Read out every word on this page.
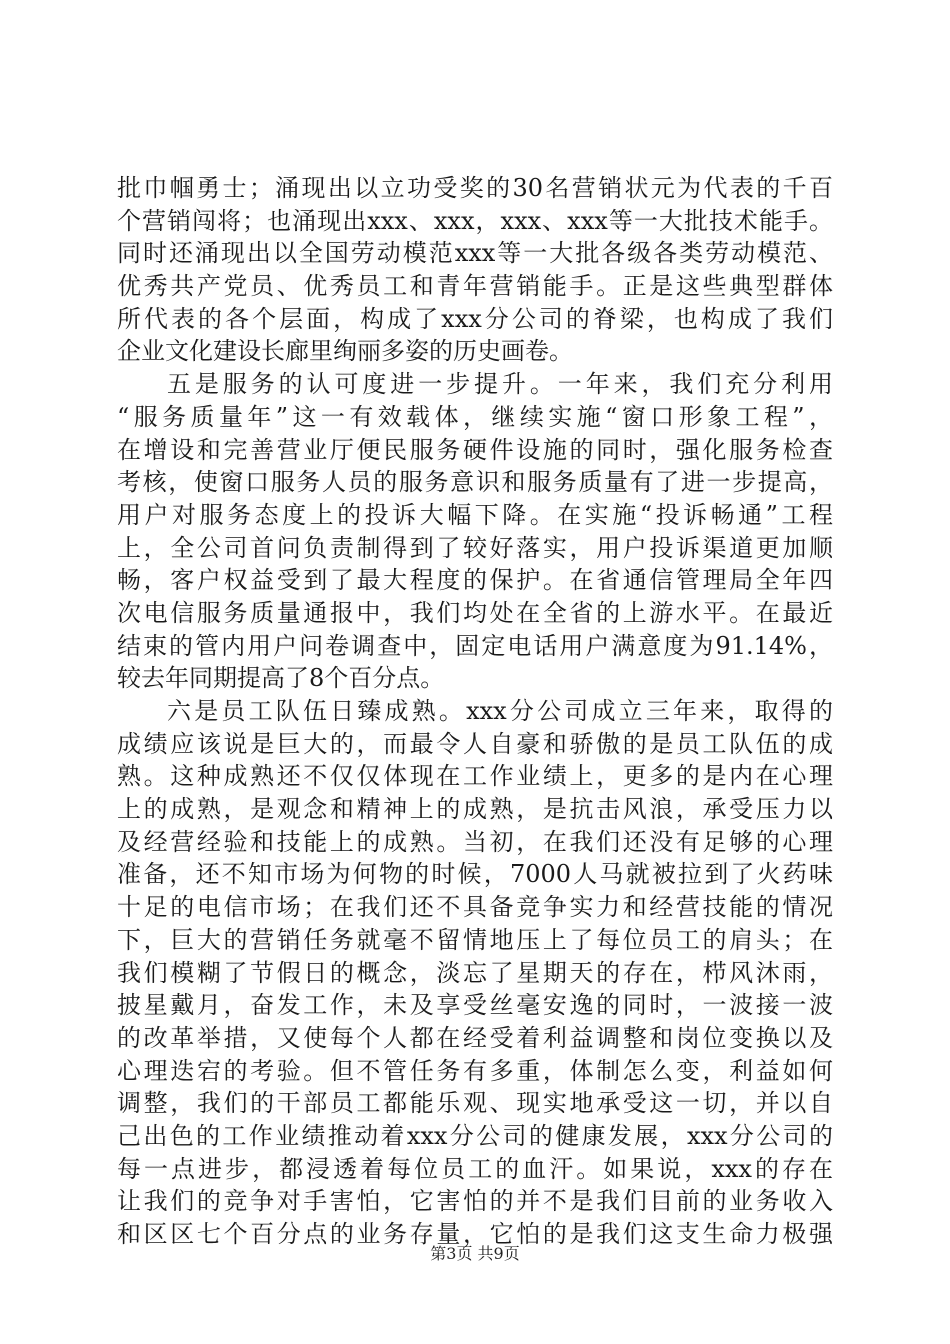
批巾帼勇士；涌现出以立功受奖的30名营销状元为代表的千百
个营销闯将；也涌现出xxx、xxx，xxx、xxx等一大批技术能手。
同时还涌现出以全国劳动模范xxx等一大批各级各类劳动模范、
优秀共产党员、优秀员工和青年营销能手。正是这些典型群体
所代表的各个层面，构成了xxx分公司的脊梁，也构成了我们
企业文化建设长廊里绚丽多姿的历史画卷。
五是服务的认可度进一步提升。一年来，我们充分利用
“服务质量年”这一有效载体，继续实施“窗口形象工程”，
在增设和完善营业厅便民服务硬件设施的同时，强化服务检查
考核，使窗口服务人员的服务意识和服务质量有了进一步提高，
用户对服务态度上的投诉大幅下降。在实施“投诉畅通”工程
上，全公司首问负责制得到了较好落实，用户投诉渠道更加顺
畅，客户权益受到了最大程度的保护。在省通信管理局全年四
次电信服务质量通报中，我们均处在全省的上游水平。在最近
结束的管内用户问卷调查中，固定电话用户满意度为91.14%，
较去年同期提高了8个百分点。
六是员工队伍日臻成熟。xxx分公司成立三年来，取得的
成绩应该说是巨大的，而最令人自豪和骄傲的是员工队伍的成
熟。这种成熟还不仅仅体现在工作业绩上，更多的是内在心理
上的成熟，是观念和精神上的成熟，是抗击风浪，承受压力以
及经营经验和技能上的成熟。当初，在我们还没有足够的心理
准备，还不知市场为何物的时候，7000人马就被拉到了火药味
十足的电信市场；在我们还不具备竞争实力和经营技能的情况
下，巨大的营销任务就毫不留情地压上了每位员工的肩头；在
我们模糊了节假日的概念，淡忘了星期天的存在，栉风沐雨，
披星戴月，奋发工作，未及享受丝毫安逸的同时，一波接一波
的改革举措，又使每个人都在经受着利益调整和岗位变换以及
心理迭宕的考验。但不管任务有多重，体制怎么变，利益如何
调整，我们的干部员工都能乐观、现实地承受这一切，并以自
己出色的工作业绩推动着xxx分公司的健康发展，xxx分公司的
每一点进步，都浸透着每位员工的血汗。如果说，xxx的存在
让我们的竞争对手害怕，它害怕的并不是我们目前的业务收入
和区区七个百分点的业务存量，它怕的是我们这支生命力极强
第3页 共9页
